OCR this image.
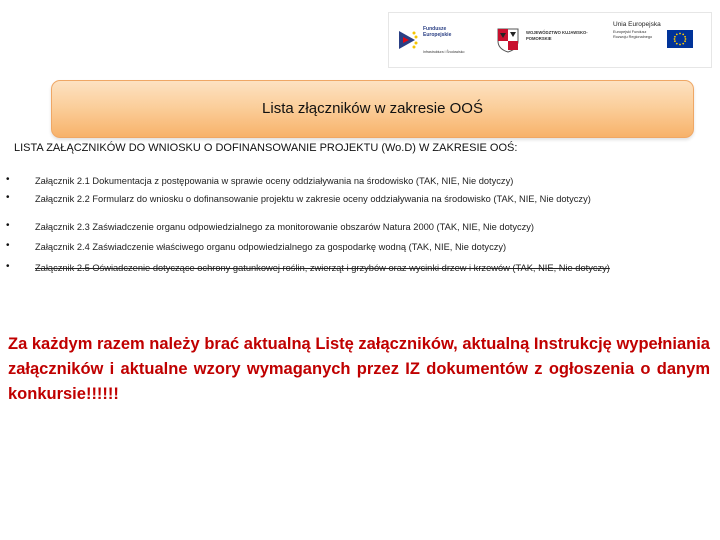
Fundusze Europejskie
Infrastruktura i Środowisko
WOJEWÓDZTWO KUJAWSKO-POMORSKIE
Unia Europejska
Europejski Fundusz Rozwoju Regionalnego
Lista złączników w zakresie OOŚ
LISTA ZAŁĄCZNIKÓW DO WNIOSKU O DOFINANSOWANIE PROJEKTU (Wo.D) W ZAKRESIE OOŚ:
•	Załącznik 2.1 Dokumentacja z postępowania w sprawie oceny oddziaływania na środowisko (TAK, NIE, Nie dotyczy)
•	Załącznik 2.2 Formularz do wniosku o dofinansowanie projektu w zakresie oceny oddziaływania na środowisko (TAK, NIE, Nie dotyczy)
•	Załącznik 2.3 Zaświadczenie organu odpowiedzialnego za monitorowanie obszarów Natura 2000 (TAK, NIE, Nie dotyczy)
•	Załącznik 2.4 Zaświadczenie właściwego organu odpowiedzialnego za gospodarkę wodną (TAK, NIE, Nie dotyczy)
•	Załącznik 2.5 Oświadczenie dotyczące ochrony gatunkowej roślin, zwierząt i grzybów oraz wycinki drzew i krzewów (TAK, NIE, Nie dotyczy)
Za każdym razem należy brać aktualną Listę załączników, aktualną Instrukcję wypełniania załączników i aktualne wzory wymaganych przez IZ dokumentów z ogłoszenia o danym konkursie!!!!!!
